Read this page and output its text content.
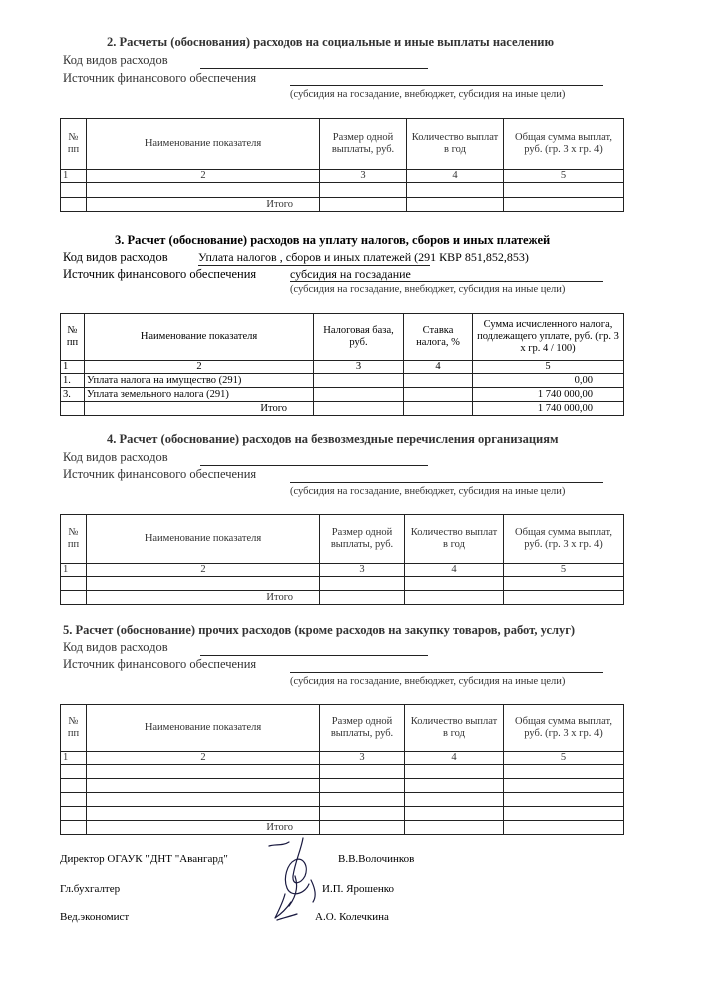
2. Расчеты (обоснования) расходов на социальные и иные выплаты населению
Код видов расходов
Источник финансового обеспечения
(субсидия на госзадание, внебюджет, субсидия на иные цели)
№ пп	Наименование показателя	Размер одной выплаты, руб.	Количество выплат в год	Общая сумма выплат, руб. (гр. 3 х гр. 4)
1	2	3	4	5

	Итого			
3. Расчет (обоснование) расходов на уплату налогов, сборов и иных платежей
Код видов расходов	Уплата налогов , сборов и иных платежей (291 КВР 851,852,853)
Источник финансового обеспечения	субсидия на госзадание
(субсидия на госзадание, внебюджет, субсидия на иные цели)
№ пп	Наименование показателя	Налоговая база, руб.	Ставка налога, %	Сумма исчисленного налога, подлежащего уплате, руб. (гр. 3 х гр. 4 / 100)
1	2	3	4	5
1.	Уплата налога на имущество (291)			0,00
3.	Уплата земельного налога (291)			1 740 000,00
	Итого			1 740 000,00
4. Расчет (обоснование) расходов на безвозмездные перечисления организациям
Код видов расходов
Источник финансового обеспечения
(субсидия на госзадание, внебюджет, субсидия на иные цели)
№ пп	Наименование показателя	Размер одной выплаты, руб.	Количество выплат в год	Общая сумма выплат, руб. (гр. 3 х гр. 4)
1	2	3	4	5

	Итого			
5. Расчет (обоснование) прочих расходов (кроме расходов на закупку товаров, работ, услуг)
Код видов расходов
Источник финансового обеспечения
(субсидия на госзадание, внебюджет, субсидия на иные цели)
№ пп	Наименование показателя	Размер одной выплаты, руб.	Количество выплат в год	Общая сумма выплат, руб. (гр. 3 х гр. 4)
1	2	3	4	5

	Итого			
Директор ОГАУК "ДНТ "Авангард"	В.В.Волочинков
Гл.бухгалтер	И.П. Ярошенко
Вед.экономист	А.О. Колечкина
